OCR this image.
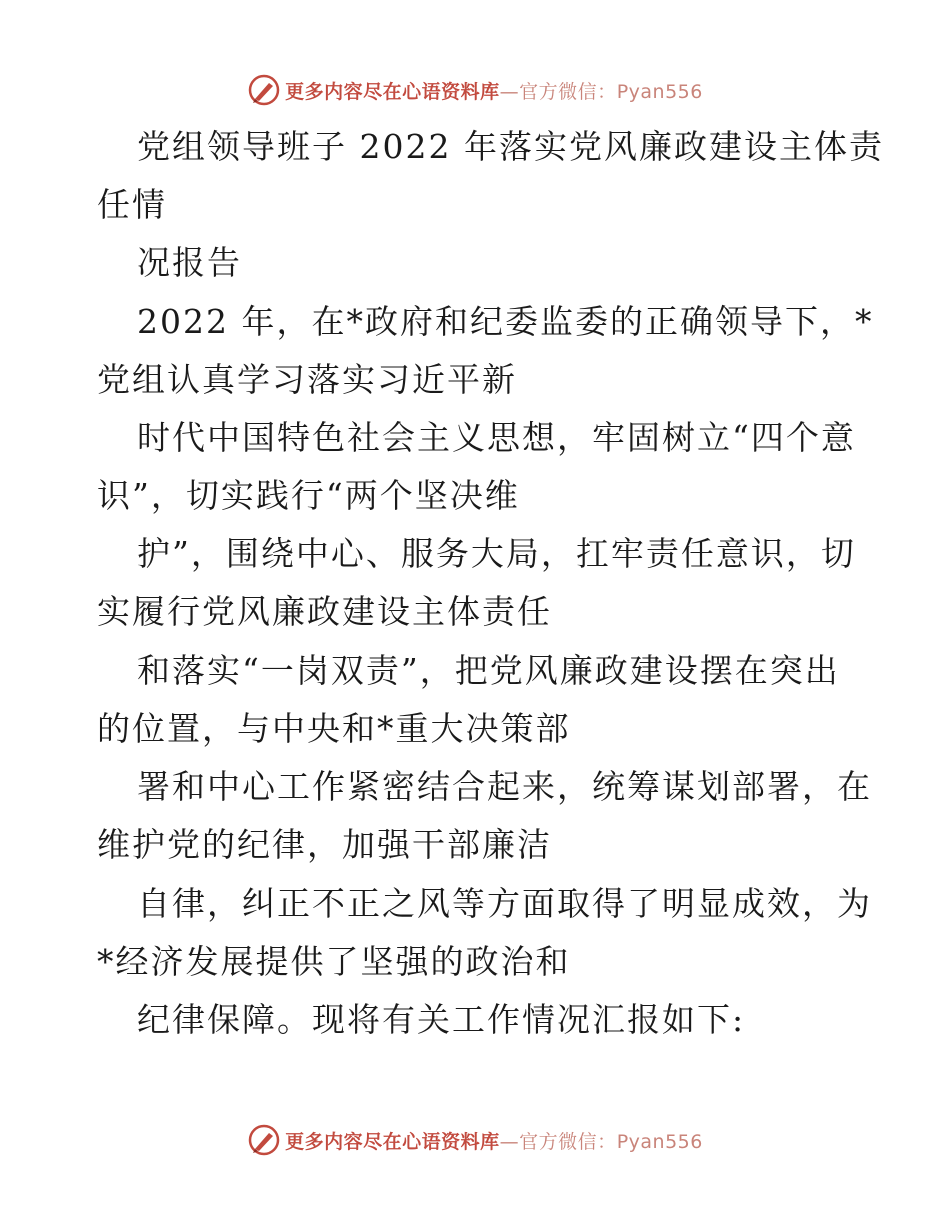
更多内容尽在心语资料库—官方微信：Pyan556
党组领导班子 2022 年落实党风廉政建设主体责
任情
况报告
2022 年，在*政府和纪委监委的正确领导下，*
党组认真学习落实习近平新
时代中国特色社会主义思想，牢固树立“四个意
识”，切实践行“两个坚决维
护”，围绕中心、服务大局，扛牢责任意识，切
实履行党风廉政建设主体责任
和落实“一岗双责”，把党风廉政建设摆在突出
的位置，与中央和*重大决策部
署和中心工作紧密结合起来，统筹谋划部署，在
维护党的纪律，加强干部廉洁
自律，纠正不正之风等方面取得了明显成效，为
*经济发展提供了坚强的政治和
纪律保障。现将有关工作情况汇报如下:
更多内容尽在心语资料库—官方微信：Pyan556
